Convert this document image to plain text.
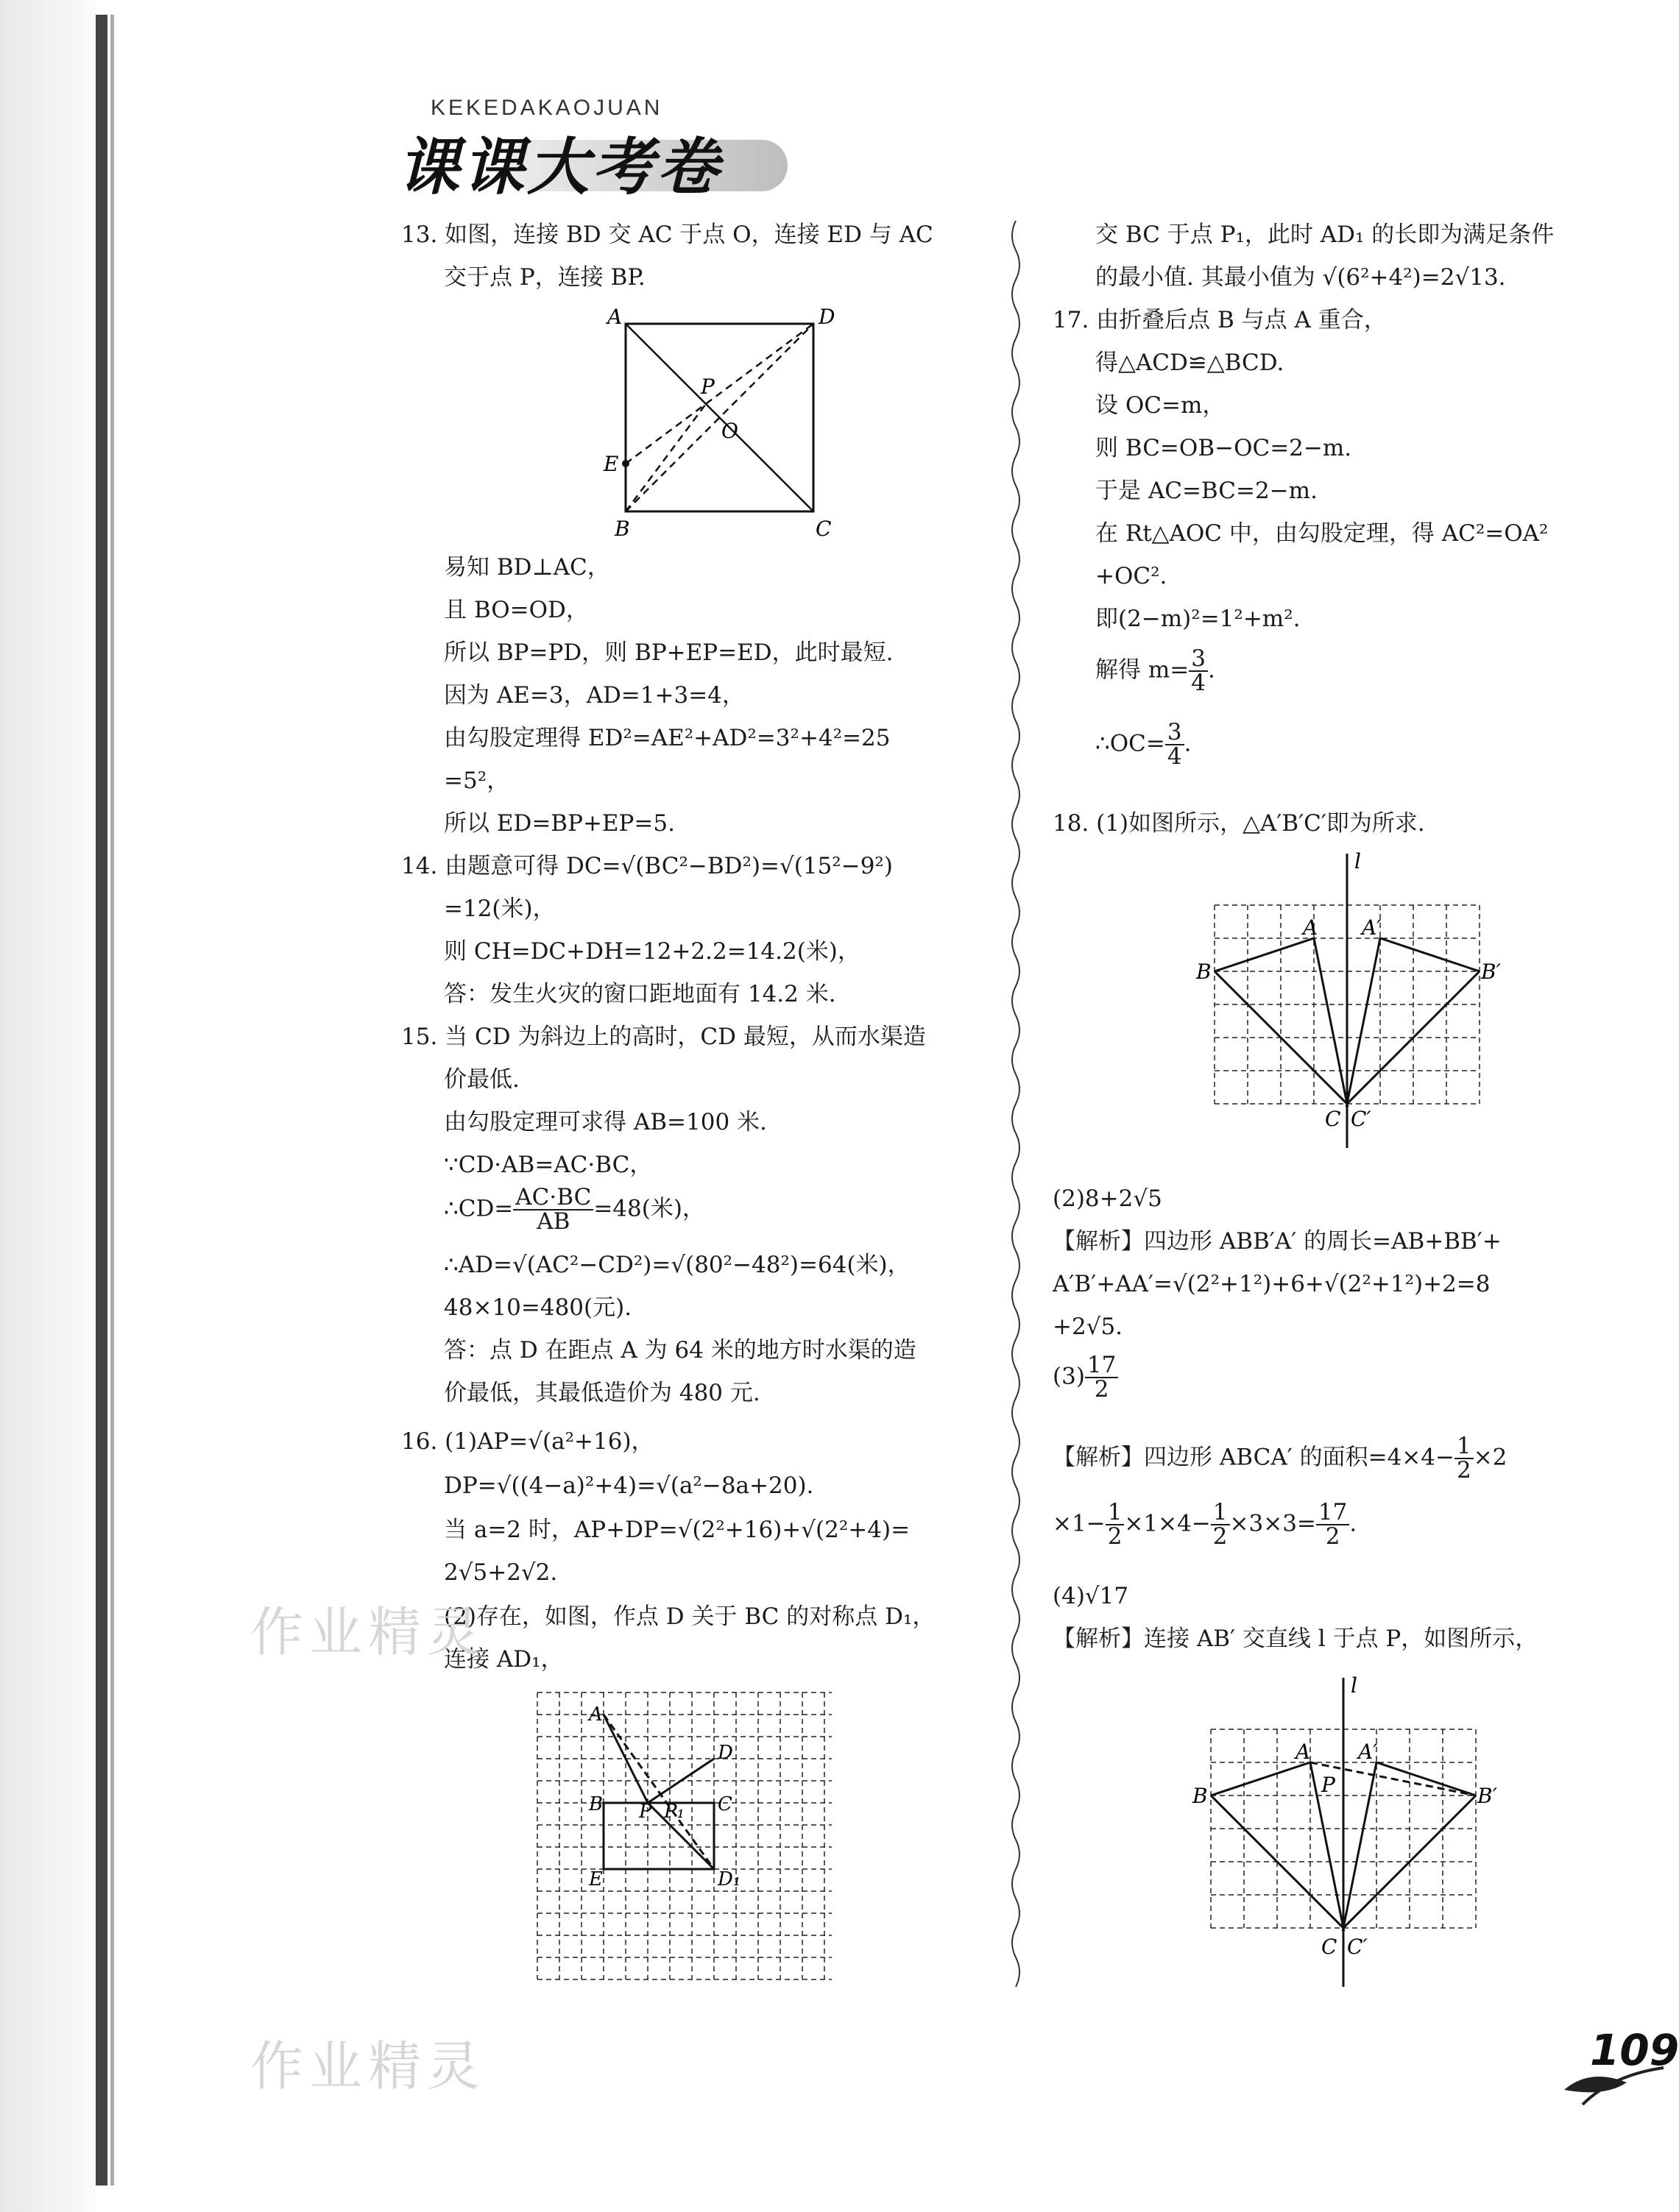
KEKEDAKAOJUAN
课课大考卷
13. 如图，连接 BD 交 AC 于点 O，连接 ED 与 AC
交于点 P，连接 BP.
A	D
E
B	C
P
O
易知 BD⊥AC，
且 BO=OD，
所以 BP=PD，则 BP+EP=ED，此时最短.
因为 AE=3，AD=1+3=4，
由勾股定理得 ED²=AE²+AD²=3²+4²=25
=5²，
所以 ED=BP+EP=5.
14. 由题意可得 DC=√(BC²−BD²)=√(15²−9²)
=12(米)，
则 CH=DC+DH=12+2.2=14.2(米)，
答：发生火灾的窗口距地面有 14.2 米.
15. 当 CD 为斜边上的高时，CD 最短，从而水渠造
价最低.
由勾股定理可求得 AB=100 米.
∵CD·AB=AC·BC，
∴CD= $\frac{AC\cdot BC}{AB} =48$(米)，
∴AD=√(AC²−CD²)=√(80²−48²)=64(米)，
48×10=480(元).
答：点 D 在距点 A 为 64 米的地方时水渠的造
价最低，其最低造价为 480 元.
16. (1)AP=√(a²+16)，
DP=√((4−a)²+4)=√(a²−8a+20).
当 a=2 时，AP+DP=√(2²+16)+√(2²+4)=
2√5+2√2.
(2)存在，如图，作点 D 关于 BC 的对称点 D₁，
连接 AD₁，
A
D
B P P₁ C
E	D₁
交 BC 于点 P₁，此时 AD₁ 的长即为满足条件
的最小值. 其最小值为 √(6²+4²)=2√13.
17. 由折叠后点 B 与点 A 重合，
得△ACD≌△BCD.
设 OC=m，
则 BC=OB−OC=2−m.
于是 AC=BC=2−m.
在 Rt△AOC 中，由勾股定理，得 AC²=OA²
+OC².
即(2−m)²=1²+m².
解得 $m= \frac{3}{4}$ .
∴OC= $\frac{3}{4}$ .
18. (1)如图所示，△A′B′C′即为所求.
l
A A′
B	B′
C C′
(2)8+2√5
【解析】四边形 ABB′A′ 的周长=AB+BB′+
A′B′+AA′=√(2²+1²)+6+√(2²+1²)+2=8
+2√5.
$(3) \frac{17}{2}$
【解析】四边形 ABCA′ 的面积$=4\times 4- \frac{1}{2} \times 2$
$\times 1- \frac{1}{2} \times 1\times 4- \frac{1}{2} \times 3\times 3= \frac{17}{2}$ .
(4)√17
【解析】连接 AB′ 交直线 l 于点 P，如图所示，
l
A A′
P
B	B′
C C′
作业精灵
作业精灵	109
